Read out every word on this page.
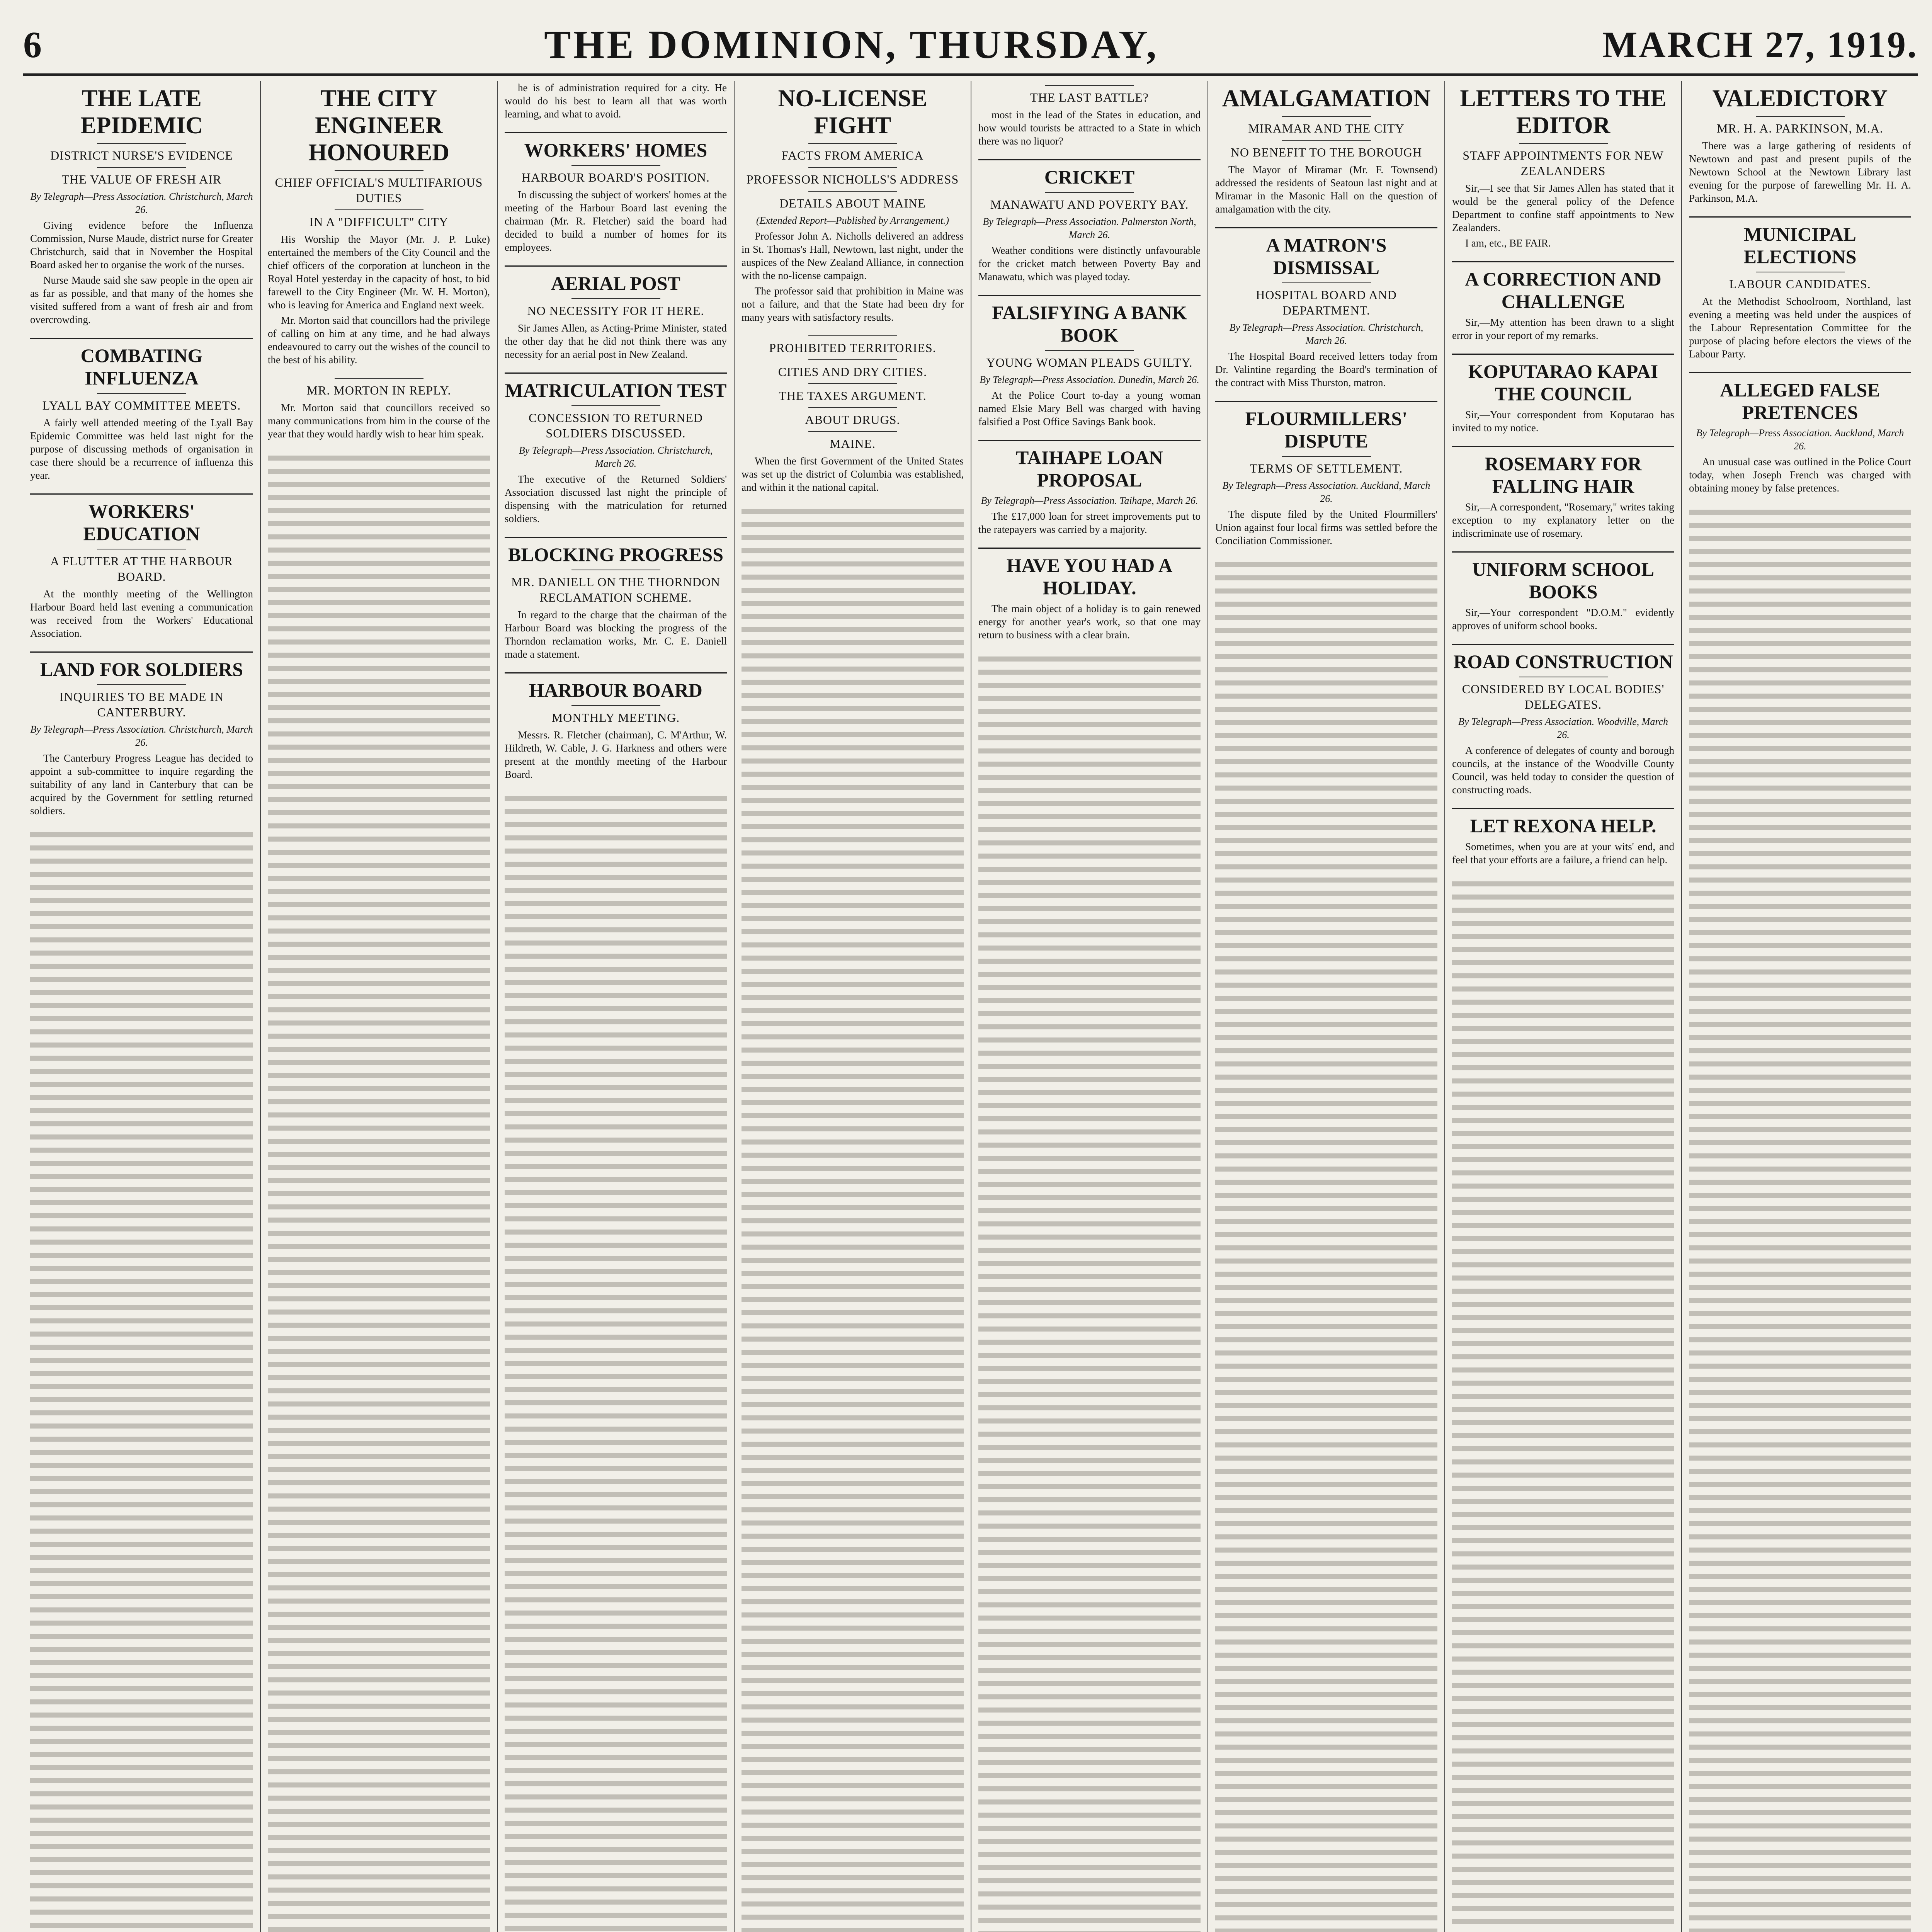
6	THE DOMINION, THURSDAY,	MARCH 27, 1919.
THE LATE EPIDEMIC
DISTRICT NURSE'S EVIDENCE
THE VALUE OF FRESH AIR
By Telegraph—Press Association. Christchurch, March 26.

Giving evidence before the Influenza Commission, Nurse Maude, district nurse for Greater Christchurch, said that in November the Hospital Board asked her to organise the work of the nurses.

Nurse Maude said she saw people in the open air as far as possible, and that many of the homes she visited suffered from a want of fresh air and from overcrowding.

COMBATING INFLUENZA
LYALL BAY COMMITTEE MEETS.

A fairly well attended meeting of the Lyall Bay Epidemic Committee was held last night for the purpose of discussing methods of organisation in case there should be a recurrence of influenza this year.

WORKERS' EDUCATION
A FLUTTER AT THE HARBOUR BOARD.

At the monthly meeting of the Wellington Harbour Board held last evening a communication was received from the Workers' Educational Association.

LAND FOR SOLDIERS
INQUIRIES TO BE MADE IN CANTERBURY.
By Telegraph—Press Association. Christchurch, March 26.

The Canterbury Progress League has decided to appoint a sub-committee to inquire regarding the suitability of any land in Canterbury that can be acquired by the Government for settling returned soldiers.

THE CITY ENGINEER HONOURED
CHIEF OFFICIAL'S MULTIFARIOUS DUTIES
IN A "DIFFICULT" CITY

His Worship the Mayor (Mr. J. P. Luke) entertained the members of the City Council and the chief officers of the corporation at luncheon in the Royal Hotel yesterday in the capacity of host, to bid farewell to the City Engineer (Mr. W. H. Morton), who is leaving for America and England next week.

Mr. Morton said that councillors had the privilege of calling on him at any time, and he had always endeavoured to carry out the wishes of the council to the best of his ability.

MR. MORTON IN REPLY.

Mr. Morton said that councillors received so many communications from him in the course of the year that they would hardly wish to hear him speak.

he is of administration required for a city. He would do his best to learn all that was worth learning, and what to avoid.

WORKERS' HOMES
HARBOUR BOARD'S POSITION.

In discussing the subject of workers' homes at the meeting of the Harbour Board last evening the chairman (Mr. R. Fletcher) said the board had decided to build a number of homes for its employees.

AERIAL POST
NO NECESSITY FOR IT HERE.

Sir James Allen, as Acting-Prime Minister, stated the other day that he did not think there was any necessity for an aerial post in New Zealand.

MATRICULATION TEST
CONCESSION TO RETURNED SOLDIERS DISCUSSED.
By Telegraph—Press Association. Christchurch, March 26.

The executive of the Returned Soldiers' Association discussed last night the principle of dispensing with the matriculation for returned soldiers.

BLOCKING PROGRESS
MR. DANIELL ON THE THORNDON RECLAMATION SCHEME.

In regard to the charge that the chairman of the Harbour Board was blocking the progress of the Thorndon reclamation works, Mr. C. E. Daniell made a statement.

HARBOUR BOARD
MONTHLY MEETING.

Messrs. R. Fletcher (chairman), C. M'Arthur, W. Hildreth, W. Cable, J. G. Harkness and others were present at the monthly meeting of the Harbour Board.

NO-LICENSE FIGHT
FACTS FROM AMERICA
PROFESSOR NICHOLLS'S ADDRESS
DETAILS ABOUT MAINE
(Extended Report—Published by Arrangement.)

Professor John A. Nicholls delivered an address in St. Thomas's Hall, Newtown, last night, under the auspices of the New Zealand Alliance, in connection with the no-license campaign.

The professor said that prohibition in Maine was not a failure, and that the State had been dry for many years with satisfactory results.

PROHIBITED TERRITORIES.
CITIES AND DRY CITIES.
THE TAXES ARGUMENT.
ABOUT DRUGS.
MAINE.

When the first Government of the United States was set up the district of Columbia was established, and within it the national capital.

THE LAST BATTLE?

most in the lead of the States in education, and how would tourists be attracted to a State in which there was no liquor?

CRICKET
MANAWATU AND POVERTY BAY.
By Telegraph—Press Association. Palmerston North, March 26.

Weather conditions were distinctly unfavourable for the cricket match between Poverty Bay and Manawatu, which was played today.

FALSIFYING A BANK BOOK
YOUNG WOMAN PLEADS GUILTY.
By Telegraph—Press Association. Dunedin, March 26.

At the Police Court to-day a young woman named Elsie Mary Bell was charged with having falsified a Post Office Savings Bank book.

TAIHAPE LOAN PROPOSAL
By Telegraph—Press Association. Taihape, March 26.

The £17,000 loan for street improvements put to the ratepayers was carried by a majority.

HAVE YOU HAD A HOLIDAY.

The main object of a holiday is to gain renewed energy for another year's work, so that one may return to business with a clear brain.

AMALGAMATION
MIRAMAR AND THE CITY
NO BENEFIT TO THE BOROUGH

The Mayor of Miramar (Mr. F. Townsend) addressed the residents of Seatoun last night and at Miramar in the Masonic Hall on the question of amalgamation with the city.

A MATRON'S DISMISSAL
HOSPITAL BOARD AND DEPARTMENT.
By Telegraph—Press Association. Christchurch, March 26.

The Hospital Board received letters today from Dr. Valintine regarding the Board's termination of the contract with Miss Thurston, matron.

FLOURMILLERS' DISPUTE
TERMS OF SETTLEMENT.
By Telegraph—Press Association. Auckland, March 26.

The dispute filed by the United Flourmillers' Union against four local firms was settled before the Conciliation Commissioner.

LETTERS TO THE EDITOR
STAFF APPOINTMENTS FOR NEW ZEALANDERS

Sir,—I see that Sir James Allen has stated that it would be the general policy of the Defence Department to confine staff appointments to New Zealanders.

I am, etc., BE FAIR.

A CORRECTION AND CHALLENGE

Sir,—My attention has been drawn to a slight error in your report of my remarks.

KOPUTARAO KAPAI THE COUNCIL

Sir,—Your correspondent from Koputarao has invited to my notice.

ROSEMARY FOR FALLING HAIR

Sir,—A correspondent, "Rosemary," writes taking exception to my explanatory letter on the indiscriminate use of rosemary.

UNIFORM SCHOOL BOOKS

Sir,—Your correspondent "D.O.M." evidently approves of uniform school books.

ROAD CONSTRUCTION
CONSIDERED BY LOCAL BODIES' DELEGATES.
By Telegraph—Press Association. Woodville, March 26.

A conference of delegates of county and borough councils, at the instance of the Woodville County Council, was held today to consider the question of constructing roads.

LET REXONA HELP.

Sometimes, when you are at your wits' end, and feel that your efforts are a failure, a friend can help.

VALEDICTORY
MR. H. A. PARKINSON, M.A.

There was a large gathering of residents of Newtown and past and present pupils of the Newtown School at the Newtown Library last evening for the purpose of farewelling Mr. H. A. Parkinson, M.A.

MUNICIPAL ELECTIONS
LABOUR CANDIDATES.

At the Methodist Schoolroom, Northland, last evening a meeting was held under the auspices of the Labour Representation Committee for the purpose of placing before electors the views of the Labour Party.

ALLEGED FALSE PRETENCES
By Telegraph—Press Association. Auckland, March 26.

An unusual case was outlined in the Police Court today, when Joseph French was charged with obtaining money by false pretences.
